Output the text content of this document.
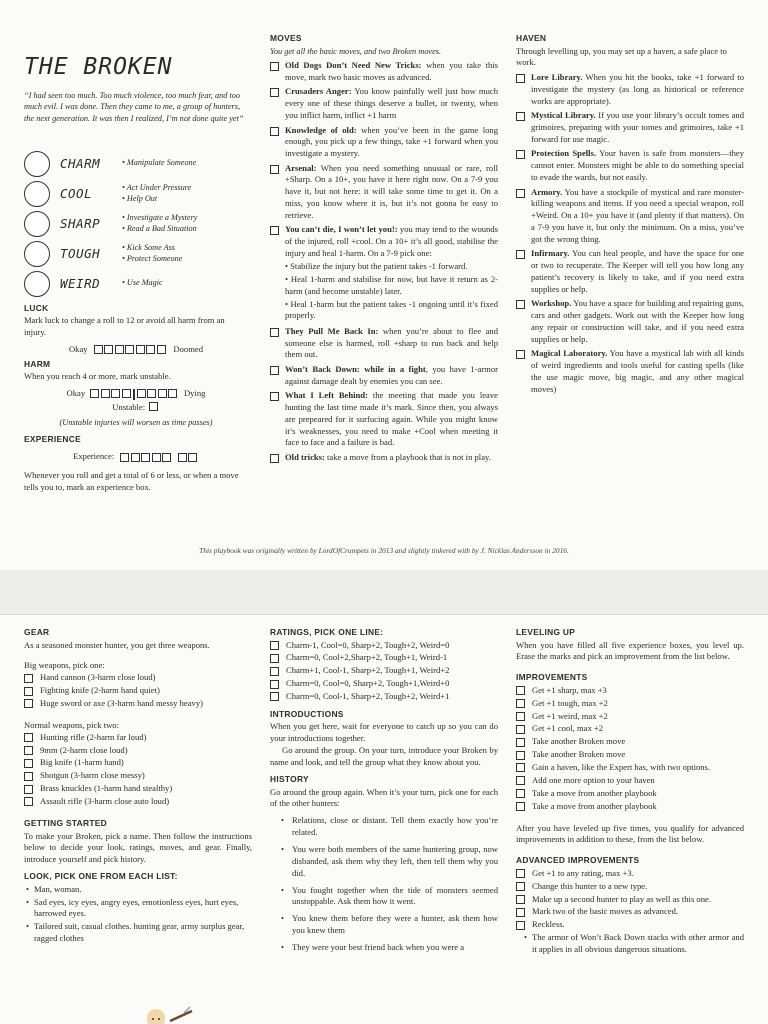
THE BROKEN
“I had seen too much. Too much violence, too much fear, and too much evil. I was done. Then they came to me, a group of hunters, the next generation. It was then I realized, I’m not done quite yet”
CHARM	• Manipulate Someone
COOL	• Act Under Pressure
• Help Out
SHARP	• Investigate a Mystery
• Read a Bad Situation
TOUGH	• Kick Some Ass
• Protect Someone
WEIRD	• Use Magic
LUCK
Mark luck to change a roll to 12 or avoid all harm from an injury.
Okay	Doomed
HARM
When you reach 4 or more, mark unstable.
Okay	Dying
Unstable:
(Unstable injuries will worsen as time passes)
EXPERIENCE
Experience:
Whenever you roll and get a total of 6 or less, or when a move tells you to, mark an experience box.
MOVES
You get all the basic moves, and two Broken moves.
Old Dogs Don’t Need New Tricks: when you take this move, mark two basic moves as advanced.
Crusaders Anger: You know painfully well just how much every one of these things deserve a bullet, or twenty, when you inflict harm, inflict +1 harm
Knowledge of old: when you’ve been in the game long enough, you pick up a few things, take +1 forward when you investigate a mystery.
Arsenal: When you need something unusual or rare, roll +Sharp. On a 10+, you have it here right now. On a 7-9 you have it, but not here: it will take some time to get it. On a miss, you know where it is, but it’s not gonna be easy to retrieve.
You can’t die, I won’t let you!: you may tend to the wounds of the injured, roll +cool. On a 10+ it’s all good, stabilise the injury and heal 1-harm. On a 7-9 pick one:
• Stabilize the injury but the patient takes -1 forward.
• Heal 1-harm and stabilise for now, but have it return as 2-harm (and become unstable) later.
• Heal 1-harm but the patient takes -1 ongoing until it’s fixed properly.
They Pull Me Back In: when you’re about to flee and someone else is harmed, roll +sharp to run back and help them out.
Won’t Back Down: while in a fight, you have 1-armor against damage dealt by enemies you can see.
What I Left Behind: the meeting that made you leave hunting the last time made it’s mark. Since then, you always are prepeared for it surfucing again. While you might know it’s weaknesses, you need to make +Cool when meeting it face to face and a failure is bad.
Old tricks: take a move from a playbook that is not in play.
HAVEN
Through levelling up, you may set up a haven, a safe place to work.
Lore Library. When you hit the books, take +1 forward to investigate the mystery (as long as historical or reference works are appropriate).
Mystical Library. If you use your library’s occult tomes and grimoires, preparing with your tomes and grimoires, take +1 forward for use magic.
Protection Spells. Your haven is safe from monsters—they cannot enter. Monsters might be able to do something special to evade the wards, but not easily.
Armory. You have a stockpile of mystical and rare monster-killing weapons and items. If you need a special weapon, roll +Weird. On a 10+ you have it (and plenty if that matters). On a 7-9 you have it, but only the minimum. On a miss, you’ve got the wrong thing.
Infirmary. You can heal people, and have the space for one or two to recuperate. The Keeper will tell you how long any patient’s recovery is likely to take, and if you need extra supplies or help.
Workshop. You have a space for building and repairing guns, cars and other gadgets. Work out with the Keeper how long any repair or construction will take, and if you need extra supplies or help.
Magical Laboratory. You have a mystical lab with all kinds of weird ingredients and tools useful for casting spells (like the use magic move, big magic, and any other magical moves)
This playbook was originally written by LordOfCrumpets in 2013 and slightly tinkered with by J. Nicklas Andersson in 2016.
GEAR
As a seasoned monster hunter, you get three weapons.
Big weapons, pick one:
Hand cannon (3-harm close loud)
Fighting knife (2-harm hand quiet)
Huge sword or axe (3-harm hand messy heavy)
Normal weapons, pick two:
Hunting rifle (2-harm far loud)
9mm (2-harm close loud)
Big knife (1-harm hand)
Shotgun (3-harm close messy)
Brass knuckles (1-harm hand stealthy)
Assault rifle (3-harm close auto loud)
GETTING STARTED
To make your Broken, pick a name. Then follow the instructions below to decide your look, ratings, moves, and gear. Finally, introduce yourself and pick history.
LOOK, PICK ONE FROM EACH LIST:
• Man, woman.
• Sad eyes, icy eyes, angry eyes, emotionless eyes, hurt eyes, harrowed eyes.
• Tailored suit, casual clothes. hunting gear, army surplus gear, ragged clothes
RATINGS, PICK ONE LINE:
Charm-1, Cool=0, Sharp+2, Tough+2, Weird=0
Charm=0, Cool+2,Sharp+2, Tough+1, Weird-1
Charm+1, Cool-1, Sharp+2, Tough+1, Weird+2
Charm=0, Cool=0, Sharp+2, Tough+1,Weird+0
Charm=0, Cool-1, Sharp+2, Tough+2, Weird+1
INTRODUCTIONS
When you get here, wait for everyone to catch up so you can do your introductions together.
Go around the group. On your turn, introduce your Broken by name and look, and tell the group what they know about you.
HISTORY
Go around the group again. When it’s your turn, pick one for each of the other hunters:
• Relations, close or distant. Tell them exactly how you’re related.
• You were both members of the same huntering group, now disbanded, ask them why they left, then tell them why you did.
• You fought together when the tide of monsters seemed unstoppable. Ask them how it went.
• You knew them before they were a hunter, ask them how you knew them
• They were your best friend back when you were a
LEVELING UP
When you have filled all five experience boxes, you level up. Erase the marks and pick an improvement from the list below.
IMPROVEMENTS
Get +1 sharp, max +3
Get +1 tough, max +2
Get +1 weird, max +2
Get +1 cool, max +2
Take another Broken move
Take another Broken move
Gain a haven, like the Expert has, with two options.
Add one more option to your haven
Take a move from another playbook
Take a move from another playbook
After you have leveled up five times, you qualify for advanced improvements in addition to these, from the list below.
ADVANCED IMPROVEMENTS
Get +1 to any rating, max +3.
Change this hunter to a new type.
Make up a second hunter to play as well as this one.
Mark two of the basic moves as advanced.
Reckless.
• The armor of Won’t Back Down stacks with other armor and it applies in all obvious dangerous situations.
